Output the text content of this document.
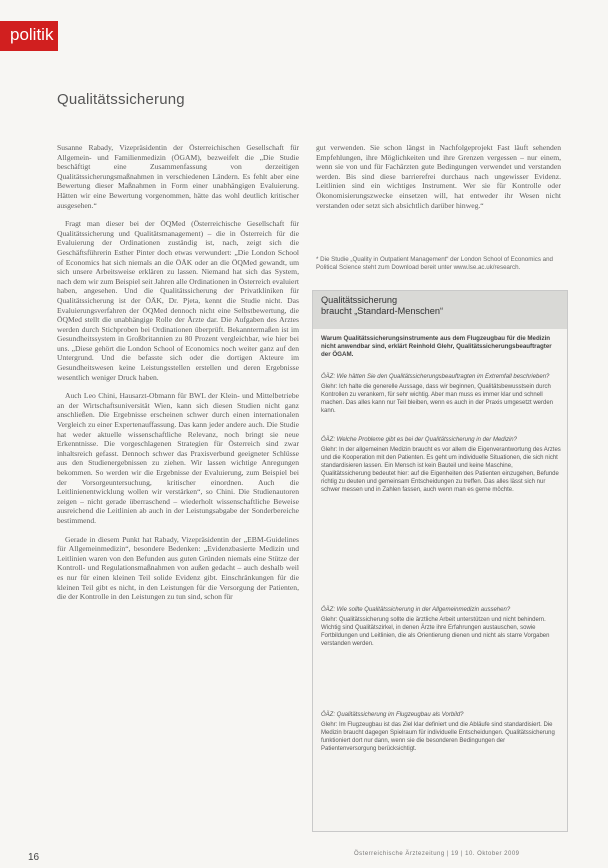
politik
Qualitätssicherung

Susanne Rabady, Vizepräsidentin der Österreichischen Gesellschaft für Allgemein- und Familienmedizin (ÖGAM), bezweifelt die „Die Studie beschäftigt eine Zusammenfassung von derzeitigen Qualitätssicherungsmaßnahmen in verschiedenen Ländern. Es fehlt aber eine Bewertung dieser Maßnahmen in Form einer unabhängigen Evaluierung. Hätten wir eine Bewertung vorgenommen, hätte das wohl deutlich kritischer ausgesehen.“

Fragt man dieser bei der ÖQMed (Österreichische Gesellschaft für Qualitätssicherung und Qualitätsmanagement) – die in Österreich für die Evaluierung der Ordinationen zuständig ist, nach, zeigt sich die Geschäftsführerin Esther Pinter doch etwas verwundert: „Die London School of Economics hat sich niemals an die ÖÄK oder an die ÖQMed gewandt, um sich unsere Arbeitsweise erklären zu lassen. Niemand hat sich das System, nach dem wir zum Beispiel seit Jahren alle Ordinationen in Österreich evaluiert haben, angesehen. Und die Qualitätssicherung der Privatkliniken für Qualitätssicherung ist der ÖÄK, Dr. Pjeta, kennt die Studie nicht. Das Evaluierungsverfahren der ÖQMed dennoch nicht eine Selbstbewertung, die ÖQMed stellt die unabhängige Rolle der Ärzte dar. Die Aufgaben des Arztes werden durch Stichproben bei Ordinationen überprüft. Bekanntermaßen ist im Gesundheitssystem in Großbritannien zu 80 Prozent vergleichbar, wie hier bei uns. „Diese gehört die London School of Economics noch weiter ganz auf den Untergrund. Und die befasste sich oder die dortigen Akteure im Gesundheitswesen keine Leistungsstellen erstellen und deren Ergebnisse wesentlich weniger Druck haben.

Auch Leo Chini, Hausarzt-Obmann für BWL der Klein- und Mittelbetriebe an der Wirtschaftsuniversität Wien, kann sich diesen Studien nicht ganz anschließen. Die Ergebnisse erscheinen schwer durch einen internationalen Vergleich zu einer Expertenauffassung. Das kann jeder andere auch. Die Studie hat weder aktuelle wissenschaftliche Relevanz, noch bringt sie neue Erkenntnisse. Die vorgeschlagenen Strategien für Österreich sind zwar inhaltsreich gefasst. Dennoch schwer das Praxisverbund geeigneter Schlüsse aus den Studienergebnissen zu ziehen. Wir lassen wichtige Anregungen bekommen. So werden wir die Ergebnisse der Evaluierung, zum Beispiel bei der Vorsorgeuntersuchung, kritischer einordnen. Auch die Leitlinienentwicklung wollen wir verstärken“, so Chini. Die Studienautoren zeigen – nicht gerade überraschend – wiederholt wissenschaftliche Beweise ausreichend die Leitlinien ab auch in der Leistungsabgabe der Sonderbereiche bestimmend.

Gerade in diesem Punkt hat Rabady, Vizepräsidentin der „EBM-Guidelines für Allgemeinmedizin“, besondere Bedenken: „Evidenzbasierte Medizin und Leitlinien waren von den Befunden aus guten Gründen niemals eine Stütze der Kontroll- und Regulationsmaßnahmen von außen gedacht – auch deshalb weil es nur für einen kleinen Teil solide Evidenz gibt. Einschränkungen für die kleinen Teil gibt es nicht, in den Leistungen für die Versorgung der Patienten, die der Kontrolle in den Leistungen zu tun sind, schon für

gut verwenden. Sie schon längst in Nachfolgeprojekt Fast läuft sehenden Empfehlungen, ihre Möglichkeiten und ihre Grenzen vergessen – nur einem, wenn sie von und für Fachärzten gute Bedingungen verwendet und verstanden werden. Bis sind diese barrierefrei durchaus nach ungewisser Evidenz. Leitlinien sind ein wichtiges Instrument. Wer sie für Kontrolle oder Ökonomisierungszwecke einsetzen will, hat entweder ihr Wesen nicht verstanden oder setzt sich absichtlich darüber hinweg.“

* Die Studie „Quality in Outpatient Management“ der London School of Economics and Political Science steht zum Download bereit unter www.lse.ac.uk/research.
Qualitätssicherung
braucht „Standard-Menschen“
Warum Qualitätssicherungsinstrumente aus dem Flugzeugbau für die Medizin nicht anwendbar sind, erklärt Reinhold Glehr, Qualitätssicherungsbeauftragter der ÖGAM.
ÖÄZ: Wie hätten Sie den Qualitätssicherungsbeauftragten im Extremfall beschrieben?
Glehr: Ich halte die generelle Aussage, dass wir beginnen, Qualitätsbewusstsein durch Kontrollen zu verankern, für sehr wichtig. Aber man muss es immer klar und schnell machen. Das alles kann nur Teil bleiben, wenn es auch in der Praxis umgesetzt werden kann.
ÖÄZ: Welche Probleme gibt es bei der Qualitätssicherung in der Medizin?
Glehr: In der allgemeinen Medizin braucht es vor allem die Eigenverantwortung des Arztes und die Kooperation mit den Patienten. Es geht um individuelle Situationen, die sich nicht standardisieren lassen. Ein Mensch ist kein Bauteil und keine Maschine, Qualitätssicherung bedeutet hier: auf die Eigenheiten des Patienten einzugehen, Befunde richtig zu deuten und gemeinsam Entscheidungen zu treffen. Das alles lässt sich nur schwer messen und in Zahlen fassen, auch wenn man es gerne möchte.
ÖÄZ: Wie sollte Qualitätssicherung in der Allgemeinmedizin aussehen?
Glehr: Qualitätssicherung sollte die ärztliche Arbeit unterstützen und nicht behindern. Wichtig sind Qualitätszirkel, in denen Ärzte ihre Erfahrungen austauschen, sowie Fortbildungen und Leitlinien, die als Orientierung dienen und nicht als starre Vorgaben verstanden werden.
ÖÄZ: Qualitätssicherung im Flugzeugbau als Vorbild?
Glehr: Im Flugzeugbau ist das Ziel klar definiert und die Abläufe sind standardisiert. Die Medizin braucht dagegen Spielraum für individuelle Entscheidungen. Qualitätssicherung funktioniert dort nur dann, wenn sie die besonderen Bedingungen der Patientenversorgung berücksichtigt.
16	Österreichische Ärztezeitung | 19 | 10. Oktober 2009
